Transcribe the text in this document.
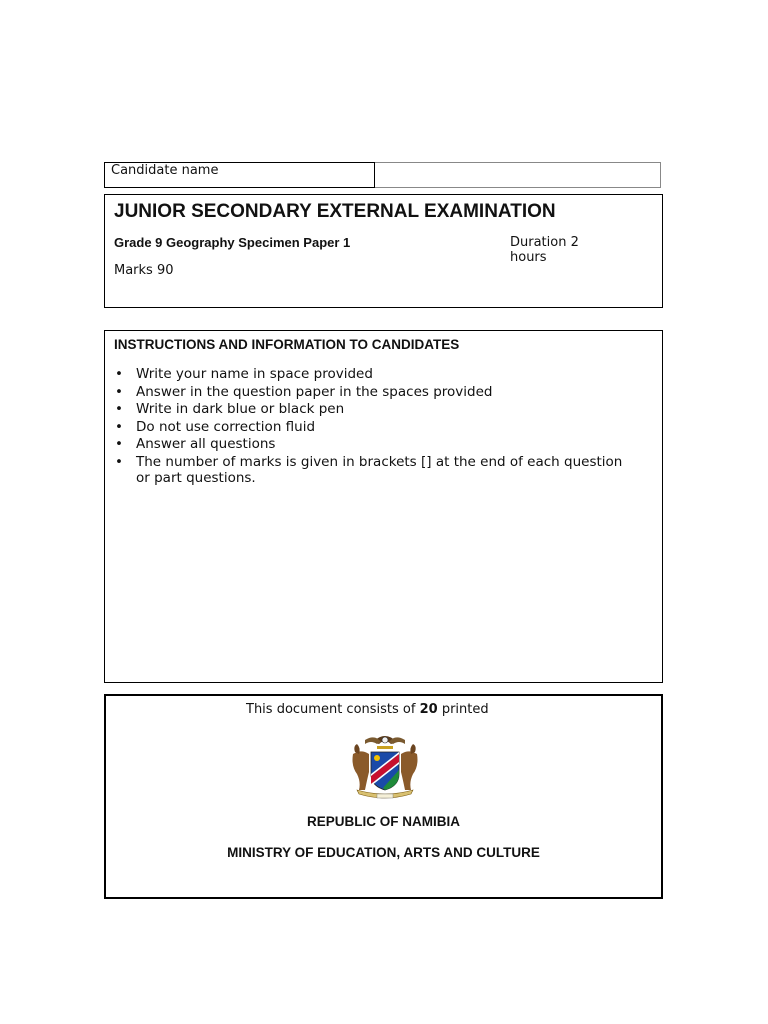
Candidate name
JUNIOR SECONDARY EXTERNAL EXAMINATION
Grade 9 Geography Specimen Paper 1	Duration 2 hours
Marks 90
INSTRUCTIONS AND INFORMATION TO CANDIDATES
• Write your name in space provided
• Answer in the question paper in the spaces provided
• Write in dark blue or black pen
• Do not use correction fluid
• Answer all questions
• The number of marks is given in brackets [] at the end of each question or part questions.
This document consists of 20 printed
REPUBLIC OF NAMIBIA
MINISTRY OF EDUCATION, ARTS AND CULTURE
